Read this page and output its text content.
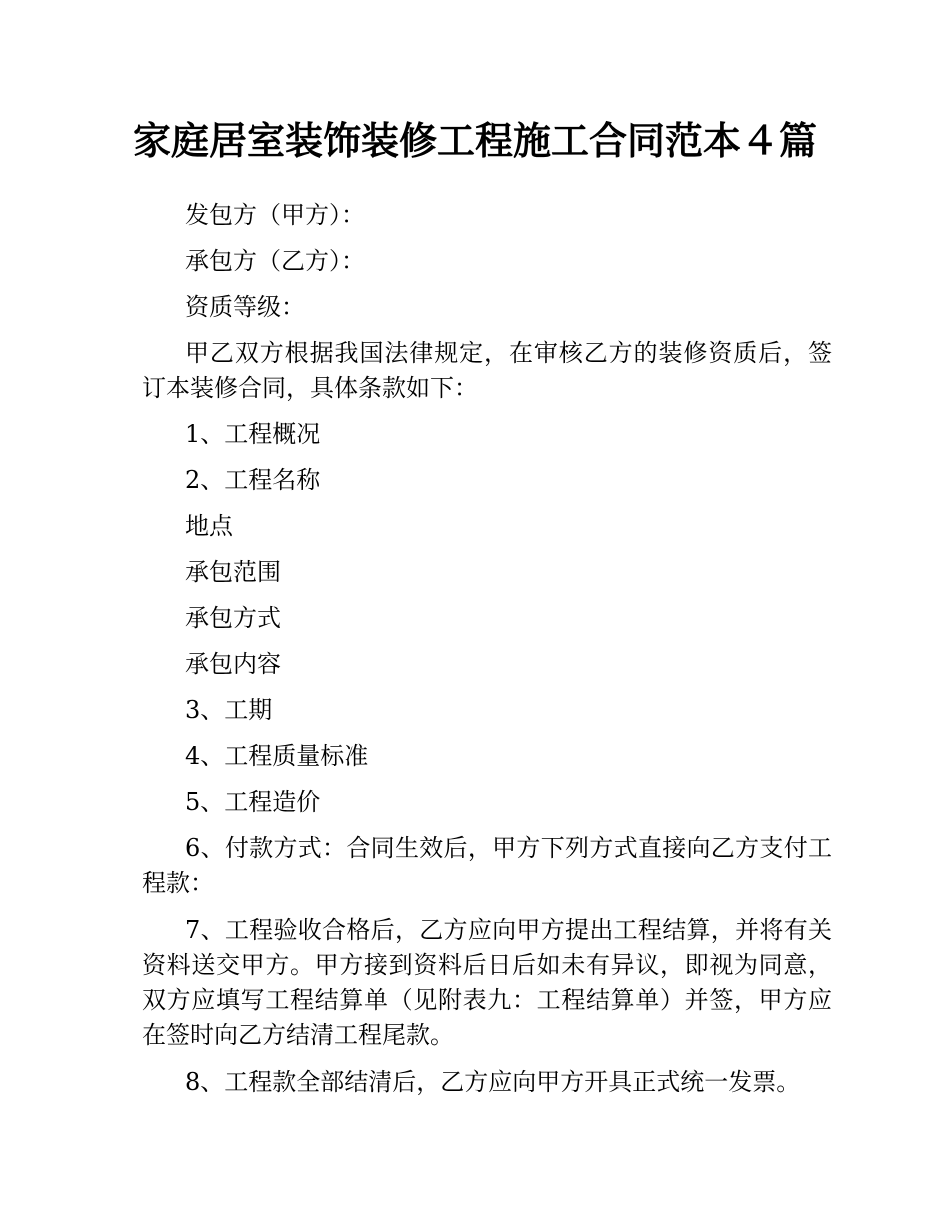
家庭居室装饰装修工程施工合同范本４篇

发包方（甲方）：

承包方（乙方）：

资质等级：

甲乙双方根据我国法律规定，在审核乙方的装修资质后，签订本装修合同，具体条款如下：

1、工程概况

2、工程名称

地点

承包范围

承包方式

承包内容

3、工期

4、工程质量标准

5、工程造价

6、付款方式：合同生效后，甲方下列方式直接向乙方支付工程款：

7、工程验收合格后，乙方应向甲方提出工程结算，并将有关资料送交甲方。甲方接到资料后日后如未有异议，即视为同意，双方应填写工程结算单（见附表九：工程结算单）并签，甲方应在签时向乙方结清工程尾款。

8、工程款全部结清后，乙方应向甲方开具正式统一发票。
